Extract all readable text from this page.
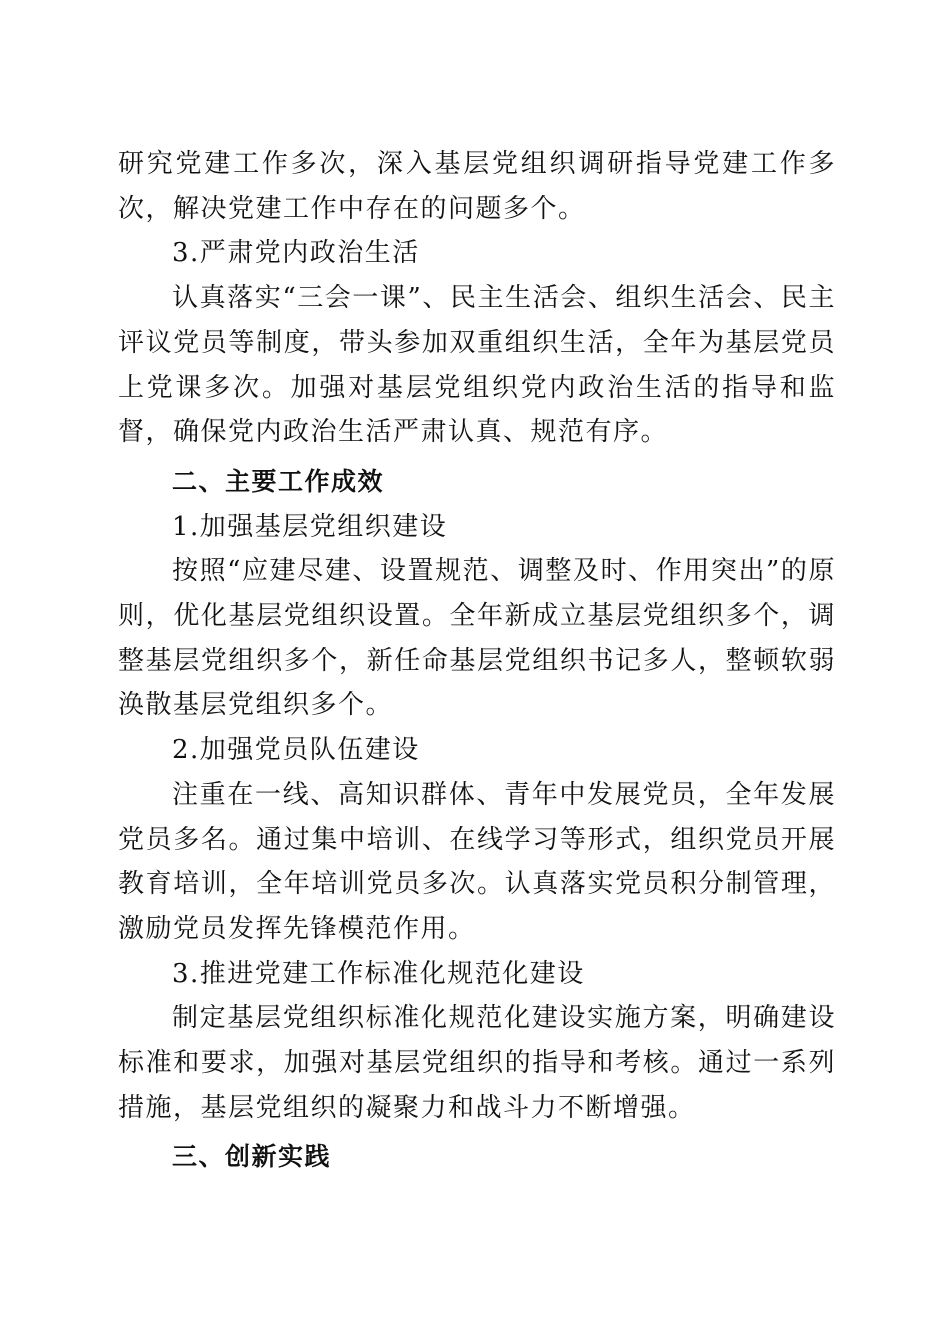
研究党建工作多次，深入基层党组织调研指导党建工作多次，解决党建工作中存在的问题多个。

3.严肃党内政治生活

认真落实“三会一课”、民主生活会、组织生活会、民主评议党员等制度，带头参加双重组织生活，全年为基层党员上党课多次。加强对基层党组织党内政治生活的指导和监督，确保党内政治生活严肃认真、规范有序。

二、主要工作成效

1.加强基层党组织建设

按照“应建尽建、设置规范、调整及时、作用突出”的原则，优化基层党组织设置。全年新成立基层党组织多个，调整基层党组织多个，新任命基层党组织书记多人，整顿软弱涣散基层党组织多个。

2.加强党员队伍建设

注重在一线、高知识群体、青年中发展党员，全年发展党员多名。通过集中培训、在线学习等形式，组织党员开展教育培训，全年培训党员多次。认真落实党员积分制管理，激励党员发挥先锋模范作用。

3.推进党建工作标准化规范化建设

制定基层党组织标准化规范化建设实施方案，明确建设标准和要求，加强对基层党组织的指导和考核。通过一系列措施，基层党组织的凝聚力和战斗力不断增强。

三、创新实践
